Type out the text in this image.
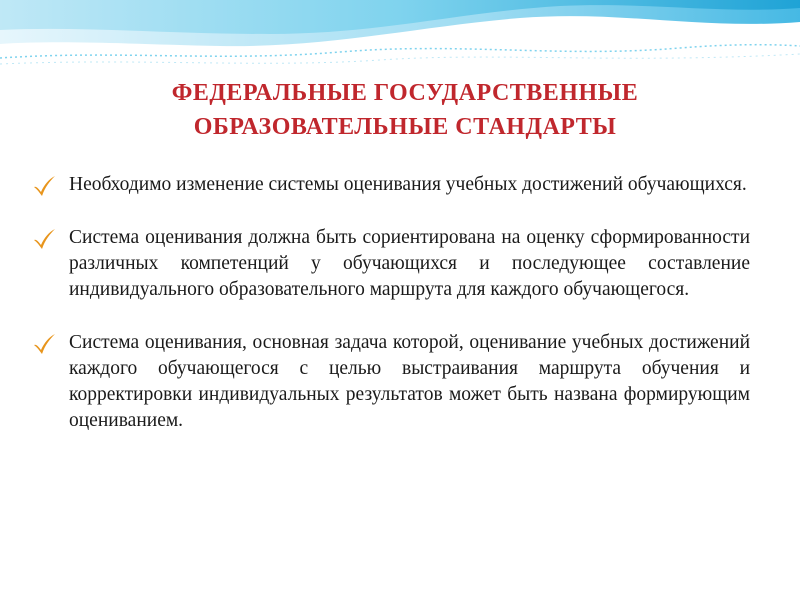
ФЕДЕРАЛЬНЫЕ ГОСУДАРСТВЕННЫЕ
ОБРАЗОВАТЕЛЬНЫЕ СТАНДАРТЫ
Необходимо изменение системы оценивания учебных достижений обучающихся.
Система оценивания должна быть сориентирована на оценку сформированности различных компетенций у обучающихся и последующее составление индивидуального образовательного маршрута для каждого обучающегося.
Система оценивания, основная задача которой, оценивание учебных достижений каждого обучающегося с целью выстраивания маршрута обучения и корректировки индивидуальных результатов может быть названа формирующим оцениванием.
